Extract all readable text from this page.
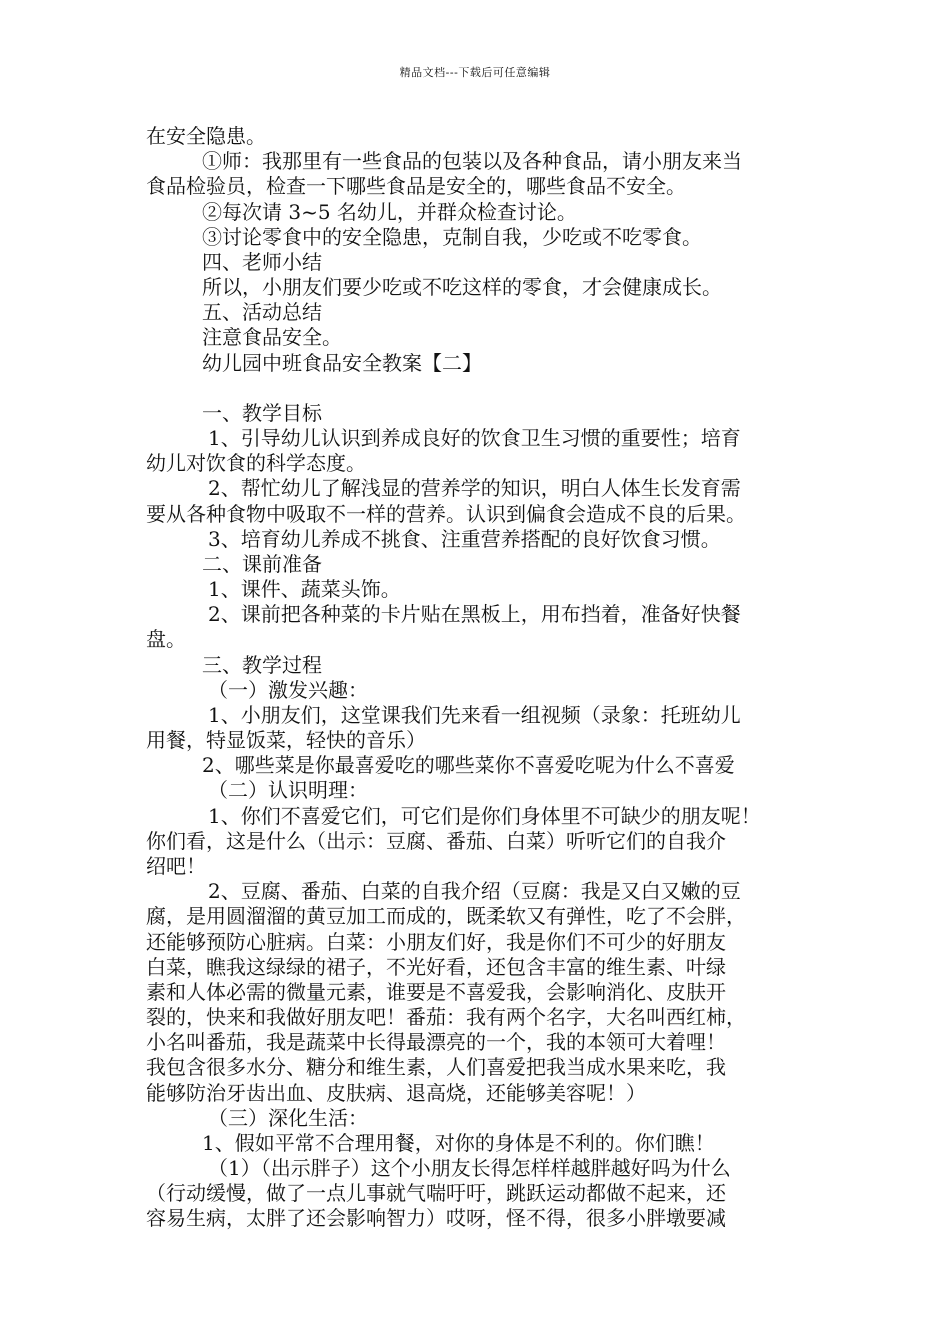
精品文档---下载后可任意编辑
在安全隐患。
①师：我那里有一些食品的包装以及各种食品，请小朋友来当
食品检验员，检查一下哪些食品是安全的，哪些食品不安全。
②每次请 3~5 名幼儿，并群众检查讨论。
③讨论零食中的安全隐患，克制自我，少吃或不吃零食。
四、老师小结
所以，小朋友们要少吃或不吃这样的零食，才会健康成长。
五、活动总结
注意食品安全。
幼儿园中班食品安全教案【二】
一、教学目标
1、引导幼儿认识到养成良好的饮食卫生习惯的重要性；培育
幼儿对饮食的科学态度。
2、帮忙幼儿了解浅显的营养学的知识，明白人体生长发育需
要从各种食物中吸取不一样的营养。认识到偏食会造成不良的后果。
3、培育幼儿养成不挑食、注重营养搭配的良好饮食习惯。
二、课前准备
1、课件、蔬菜头饰。
2、课前把各种菜的卡片贴在黑板上，用布挡着，准备好快餐
盘。
三、教学过程
（一）激发兴趣：
1、小朋友们，这堂课我们先来看一组视频（录象：托班幼儿
用餐，特显饭菜，轻快的音乐）
2、哪些菜是你最喜爱吃的哪些菜你不喜爱吃呢为什么不喜爱
（二）认识明理：
1、你们不喜爱它们，可它们是你们身体里不可缺少的朋友呢！
你们看，这是什么（出示：豆腐、番茄、白菜）听听它们的自我介
绍吧！
2、豆腐、番茄、白菜的自我介绍（豆腐：我是又白又嫩的豆
腐，是用圆溜溜的黄豆加工而成的，既柔软又有弹性，吃了不会胖，
还能够预防心脏病。白菜：小朋友们好，我是你们不可少的好朋友
白菜，瞧我这绿绿的裙子，不光好看，还包含丰富的维生素、叶绿
素和人体必需的微量元素，谁要是不喜爱我，会影响消化、皮肤开
裂的，快来和我做好朋友吧！番茄：我有两个名字，大名叫西红柿，
小名叫番茄，我是蔬菜中长得最漂亮的一个，我的本领可大着哩！
我包含很多水分、糖分和维生素，人们喜爱把我当成水果来吃，我
能够防治牙齿出血、皮肤病、退高烧，还能够美容呢！）
（三）深化生活：
1、假如平常不合理用餐，对你的身体是不利的。你们瞧！
（1）（出示胖子）这个小朋友长得怎样样越胖越好吗为什么
（行动缓慢，做了一点儿事就气喘吁吁，跳跃运动都做不起来，还
容易生病，太胖了还会影响智力）哎呀，怪不得，很多小胖墩要减
